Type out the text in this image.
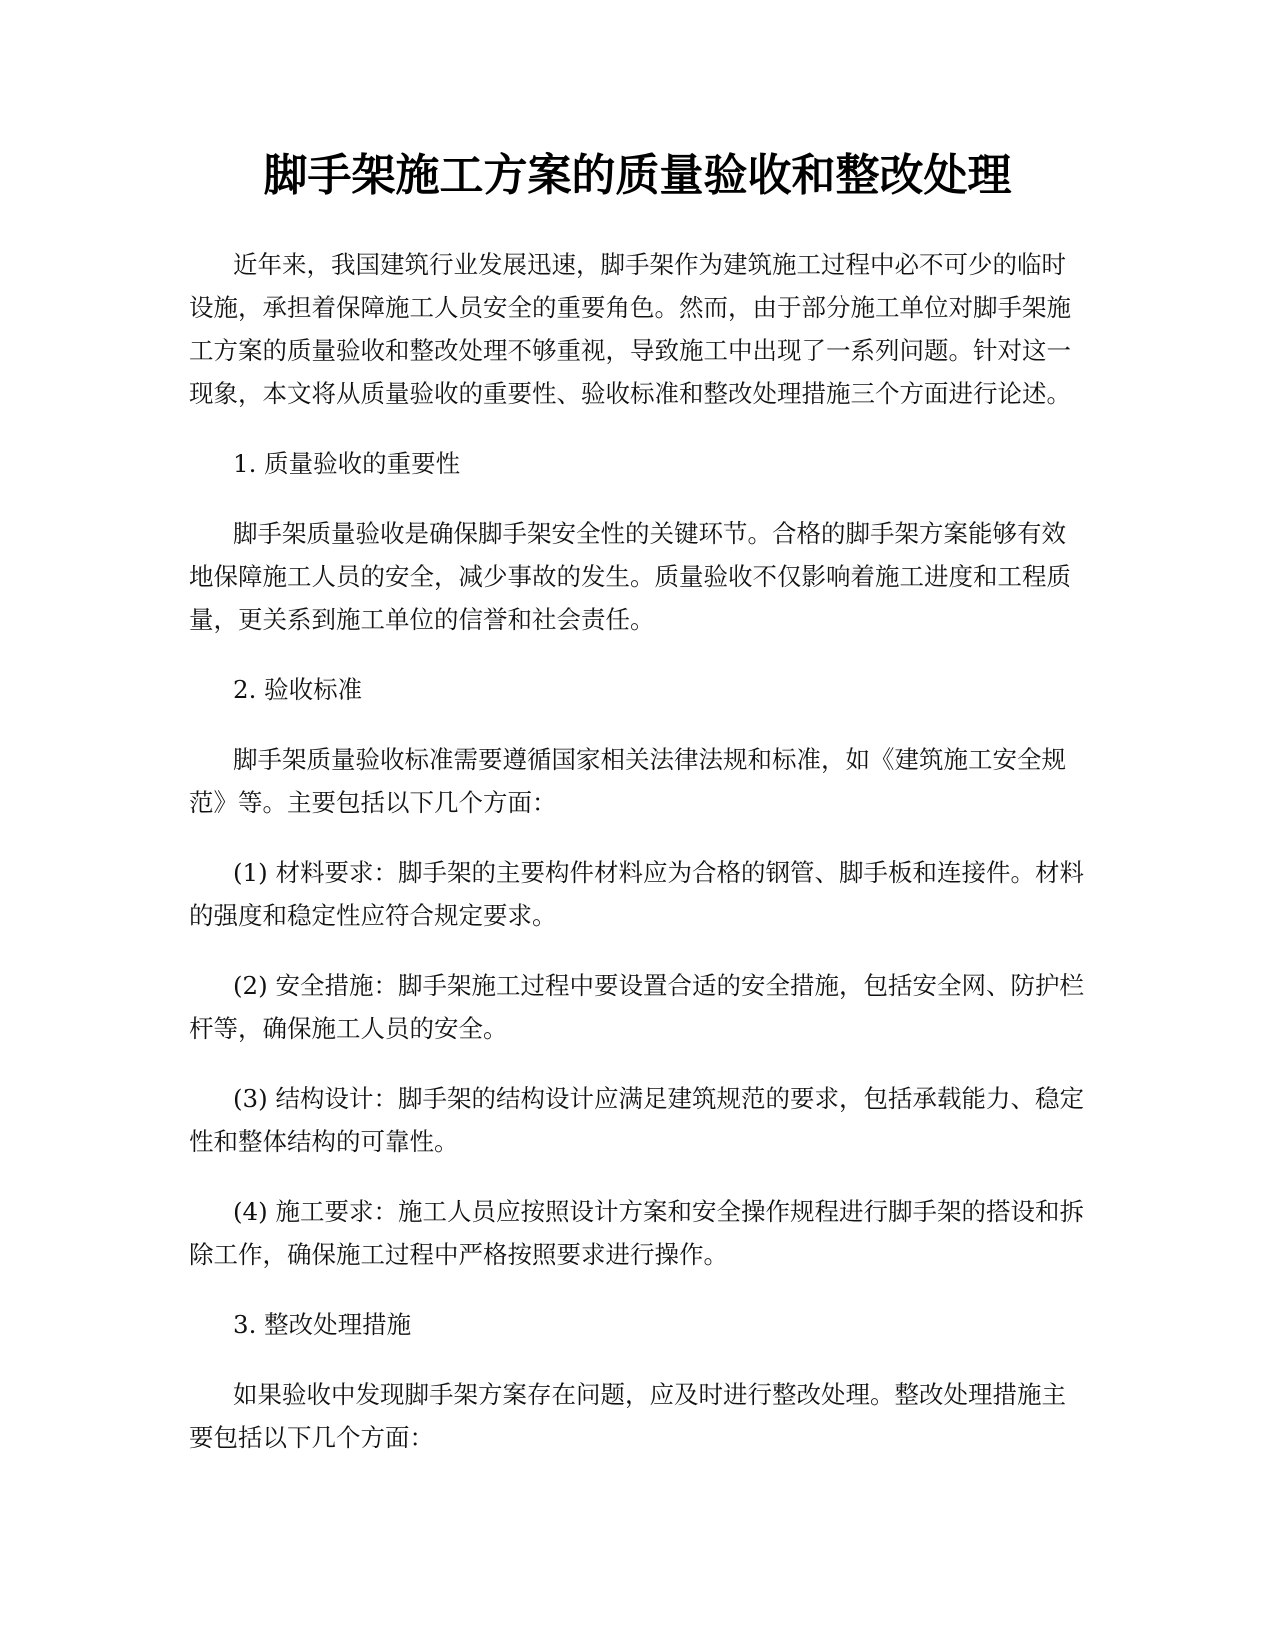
脚手架施工方案的质量验收和整改处理

近年来，我国建筑行业发展迅速，脚手架作为建筑施工过程中必不可少的临时设施，承担着保障施工人员安全的重要角色。然而，由于部分施工单位对脚手架施工方案的质量验收和整改处理不够重视，导致施工中出现了一系列问题。针对这一现象，本文将从质量验收的重要性、验收标准和整改处理措施三个方面进行论述。

1. 质量验收的重要性

脚手架质量验收是确保脚手架安全性的关键环节。合格的脚手架方案能够有效地保障施工人员的安全，减少事故的发生。质量验收不仅影响着施工进度和工程质量，更关系到施工单位的信誉和社会责任。

2. 验收标准

脚手架质量验收标准需要遵循国家相关法律法规和标准，如《建筑施工安全规范》等。主要包括以下几个方面：

(1) 材料要求：脚手架的主要构件材料应为合格的钢管、脚手板和连接件。材料的强度和稳定性应符合规定要求。

(2) 安全措施：脚手架施工过程中要设置合适的安全措施，包括安全网、防护栏杆等，确保施工人员的安全。

(3) 结构设计：脚手架的结构设计应满足建筑规范的要求，包括承载能力、稳定性和整体结构的可靠性。

(4) 施工要求：施工人员应按照设计方案和安全操作规程进行脚手架的搭设和拆除工作，确保施工过程中严格按照要求进行操作。

3. 整改处理措施

如果验收中发现脚手架方案存在问题，应及时进行整改处理。整改处理措施主要包括以下几个方面：
